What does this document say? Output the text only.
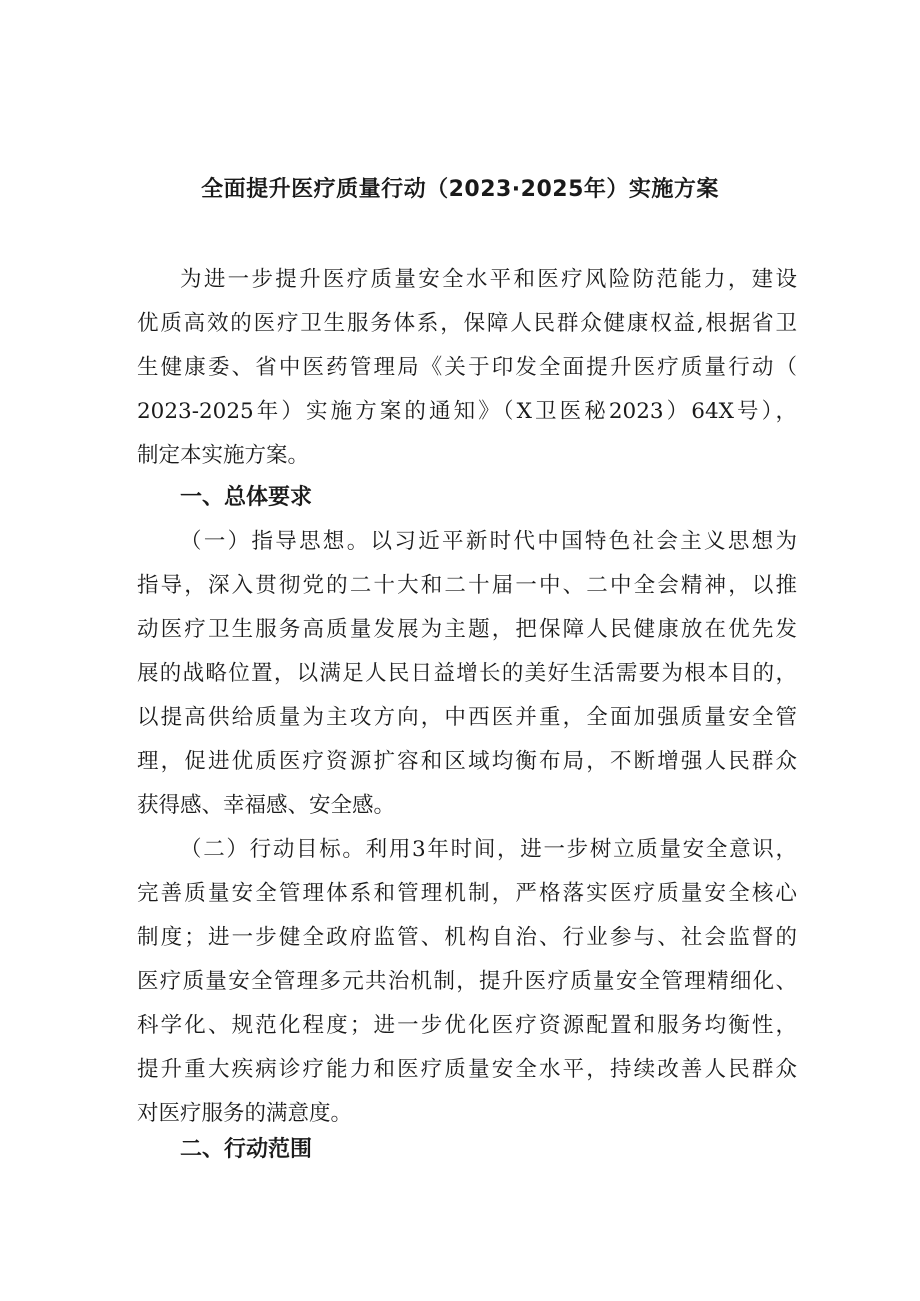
全面提升医疗质量行动（2023·2025年）实施方案
为进一步提升医疗质量安全水平和医疗风险防范能力，建设
优质高效的医疗卫生服务体系，保障人民群众健康权益,根据省卫
生健康委、省中医药管理局《关于印发全面提升医疗质量行动（
2023-2025年）实施方案的通知》（X卫医秘2023）64X号），
制定本实施方案。
一、总体要求
（一）指导思想。以习近平新时代中国特色社会主义思想为
指导，深入贯彻党的二十大和二十届一中、二中全会精神，以推
动医疗卫生服务高质量发展为主题，把保障人民健康放在优先发
展的战略位置，以满足人民日益增长的美好生活需要为根本目的，
以提高供给质量为主攻方向，中西医并重，全面加强质量安全管
理，促进优质医疗资源扩容和区域均衡布局，不断增强人民群众
获得感、幸福感、安全感。
（二）行动目标。利用3年时间，进一步树立质量安全意识，
完善质量安全管理体系和管理机制，严格落实医疗质量安全核心
制度；进一步健全政府监管、机构自治、行业参与、社会监督的
医疗质量安全管理多元共治机制，提升医疗质量安全管理精细化、
科学化、规范化程度；进一步优化医疗资源配置和服务均衡性，
提升重大疾病诊疗能力和医疗质量安全水平，持续改善人民群众
对医疗服务的满意度。
二、行动范围
